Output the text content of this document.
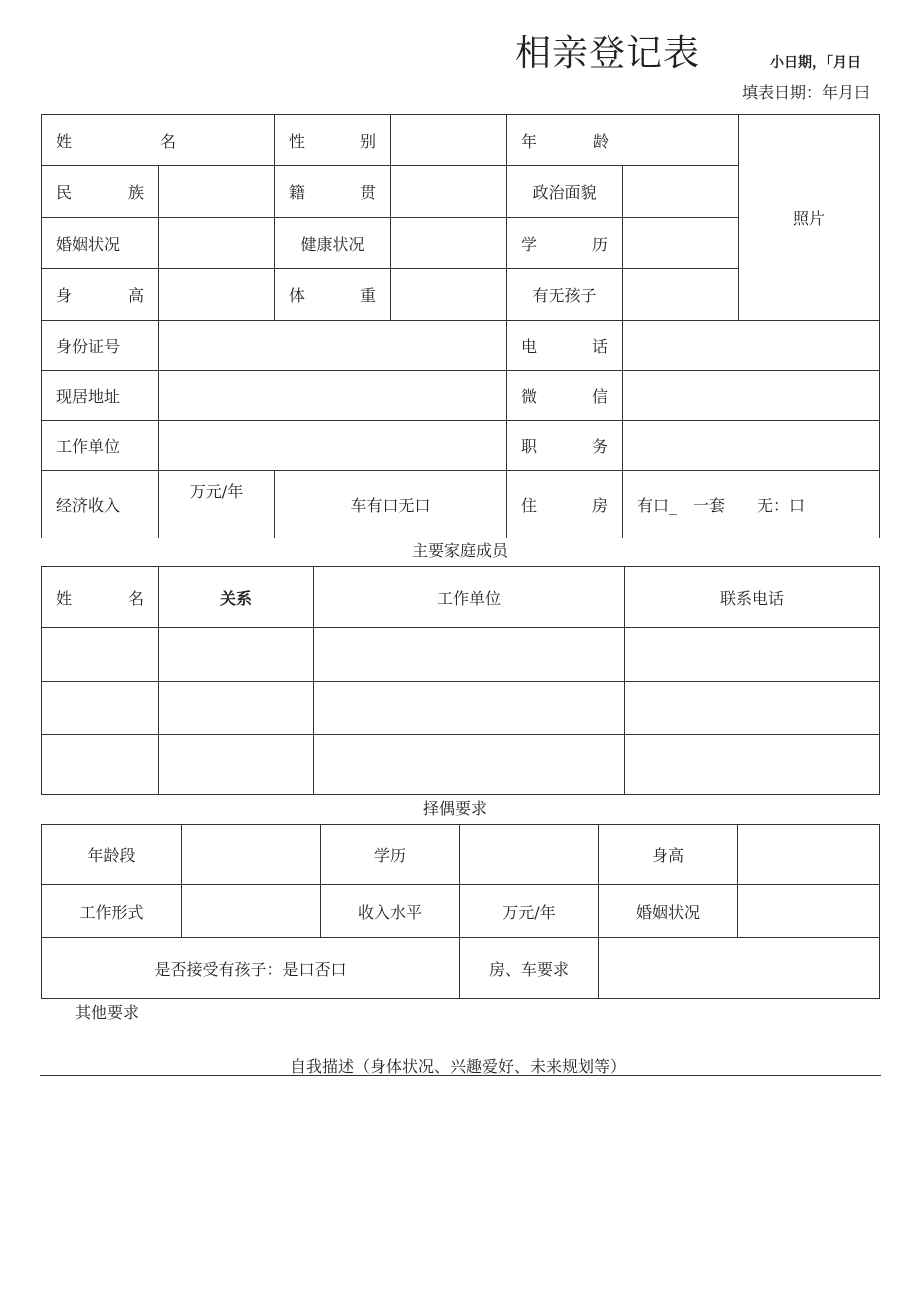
相亲登记表	小日期，「月日
填表日期：年月曰
姓 名		性 别		年 龄		照片

民 族		籍 贯		政治面貌		
婚姻状况		健康状况		学 历		

身 高		体 重		有无孩子		
身份证号				电 话		

现居地址				微 信		

工作单位				职 务		

经济收入	万元/年	车有口无口		住 房	有口_　一套　　无：口	
主要家庭成员
姓 名	关系	工作单位	联系电话

择偶要求
年龄段		学历		身高	
工作形式		收入水平	万元/年	婚姻状况	
是否接受有孩子：是口否口			房、车要求		
其他要求
自我描述（身体状况、兴趣爱好、未来规划等）
